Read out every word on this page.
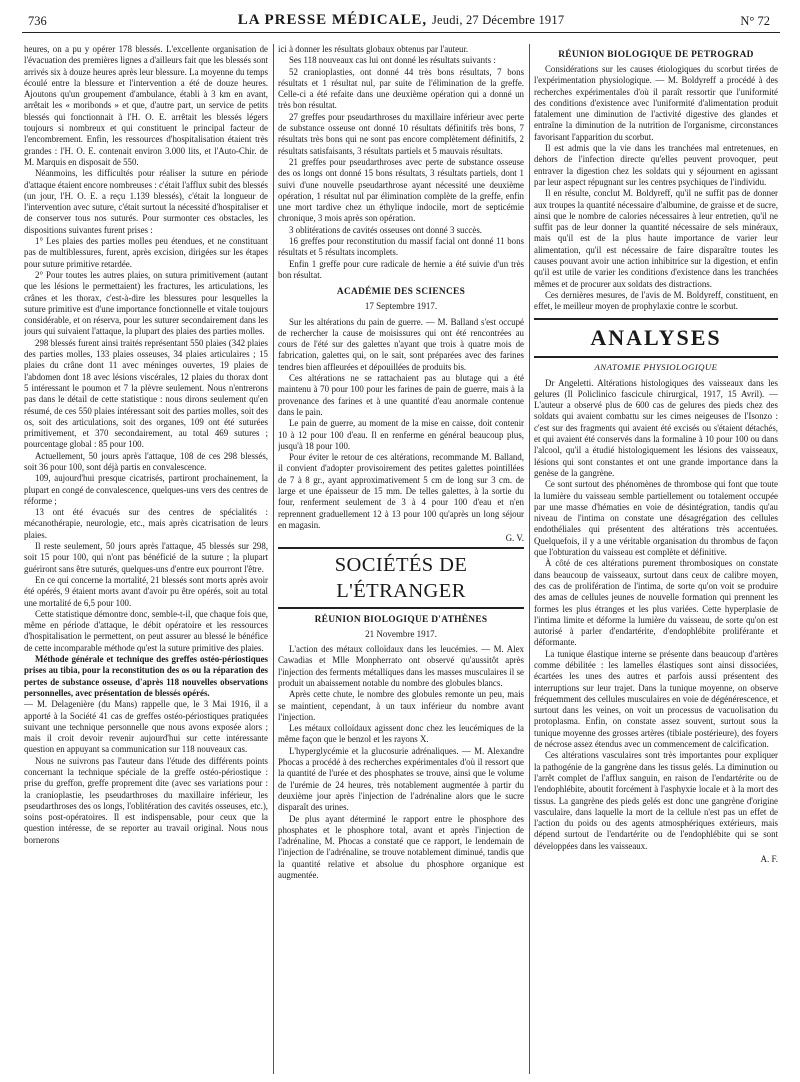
736	LA PRESSE MÉDICALE, Jeudi, 27 Décembre 1917	N° 72

heures, on a pu y opérer 178 blessés. L'excellente organisation de l'évacuation des premières lignes a d'ailleurs fait que les blessés sont arrivés six à douze heures après leur blessure. La moyenne du temps écoulé entre la blessure et l'intervention a été de douze heures. Ajoutons qu'un groupement d'ambulance, établi à 3 km en avant, arrêtait les « moribonds » et que, d'autre part, un service de petits blessés qui fonctionnait à l'H. O. E. arrêtait les blessés légers toujours si nombreux et qui constituent le principal facteur de l'encombrement. Enfin, les ressources d'hospitalisation étaient très grandes : l'H. O. E. contenait environ 3.000 lits, et l'Auto-Chir. de M. Marquis en disposait de 550.

Néanmoins, les difficultés pour réaliser la suture en période d'attaque étaient encore nombreuses : c'était l'afflux subit des blessés (un jour, l'H. O. E. a reçu 1.139 blessés), c'était la longueur de l'intervention avec suture, c'était surtout la nécessité d'hospitaliser et de conserver tous nos suturés. Pour surmonter ces obstacles, les dispositions suivantes furent prises :

1° Les plaies des parties molles peu étendues, et ne constituant pas de multiblessures, furent, après excision, dirigées sur les étapes pour suture primitive retardée.

2° Pour toutes les autres plaies, on sutura primitivement (autant que les lésions le permettaient) les fractures, les articulations, les crânes et les thorax, c'est-à-dire les blessures pour lesquelles la suture primitive est d'une importance fonctionnelle et vitale toujours considérable, et on réserva, pour les suturer secondairement dans les jours qui suivaient l'attaque, la plupart des plaies des parties molles.

298 blessés furent ainsi traités représentant 550 plaies (342 plaies des parties molles, 133 plaies osseuses, 34 plaies articulaires ; 15 plaies du crâne dont 11 avec méninges ouvertes, 19 plaies de l'abdomen dont 18 avec lésions viscérales, 12 plaies du thorax dont 5 intéressant le poumon et 7 la plèvre seulement. Nous n'entrerons pas dans le détail de cette statistique : nous dirons seulement qu'en résumé, de ces 550 plaies intéressant soit des parties molles, soit des os, soit des articulations, soit des organes, 109 ont été suturées primitivement, et 370 secondairement, au total 469 sutures ; pourcentage global : 85 pour 100.

Actuellement, 50 jours après l'attaque, 108 de ces 298 blessés, soit 36 pour 100, sont déjà partis en convalescence.

109, aujourd'hui presque cicatrisés, partiront prochainement, la plupart en congé de convalescence, quelques-uns vers des centres de réforme ;

13 ont été évacués sur des centres de spécialités : mécanothérapie, neurologie, etc., mais après cicatrisation de leurs plaies.

Il reste seulement, 50 jours après l'attaque, 45 blessés sur 298, soit 15 pour 100, qui n'ont pas bénéficié de la suture ; la plupart guériront sans être suturés, quelques-uns d'entre eux pourront l'être.

En ce qui concerne la mortalité, 21 blessés sont morts après avoir été opérés, 9 étaient morts avant d'avoir pu être opérés, soit au total une mortalité de 6,5 pour 100.

Cette statistique démontre donc, semble-t-il, que chaque fois que, même en période d'attaque, le débit opératoire et les ressources d'hospitalisation le permettent, on peut assurer au blessé le bénéfice de cette incomparable méthode qu'est la suture primitive des plaies.

Méthode générale et technique des greffes ostéo-périostiques prises au tibia, pour la reconstitution des os ou la réparation des pertes de substance osseuse, d'après 118 nouvelles observations personnelles, avec présentation de blessés opérés.

— M. Delagenière (du Mans) rappelle que, le 3 Mai 1916, il a apporté à la Société 41 cas de greffes ostéo-périostiques pratiquées suivant une technique personnelle que nous avons exposée alors ; mais il croit devoir revenir aujourd'hui sur cette intéressante question en appuyant sa communication sur 118 nouveaux cas.

Nous ne suivrons pas l'auteur dans l'étude des différents points concernant la technique spéciale de la greffe ostéo-périostique : prise du greffon, greffe proprement dite (avec ses variations pour : la cranioplastie, les pseudarthroses du maxillaire inférieur, les pseudarthroses des os longs, l'oblitération des cavités osseuses, etc.), soins post-opératoires. Il est indispensable, pour ceux que la question intéresse, de se reporter au travail original. Nous nous bornerons

ici à donner les résultats globaux obtenus par l'auteur.

Ses 118 nouveaux cas lui ont donné les résultats suivants :

52 cranioplasties, ont donné 44 très bons résultats, 7 bons résultats et 1 résultat nul, par suite de l'élimination de la greffe. Celle-ci a été refaite dans une deuxième opération qui a donné un très bon résultat.

27 greffes pour pseudarthroses du maxillaire inférieur avec perte de substance osseuse ont donné 10 résultats définitifs très bons, 7 résultats très bons qui ne sont pas encore complètement définitifs, 2 résultats satisfaisants, 3 résultats partiels et 5 mauvais résultats.

21 greffes pour pseudarthroses avec perte de substance osseuse des os longs ont donné 15 bons résultats, 3 résultats partiels, dont 1 suivi d'une nouvelle pseudarthrose ayant nécessité une deuxième opération, 1 résultat nul par élimination complète de la greffe, enfin une mort tardive chez un éthylique indocile, mort de septicémie chronique, 3 mois après son opération.

3 oblitérations de cavités osseuses ont donné 3 succès.

16 greffes pour reconstitution du massif facial ont donné 11 bons résultats et 5 résultats incomplets.

Enfin 1 greffe pour cure radicale de hernie a été suivie d'un très bon résultat.

ACADÉMIE DES SCIENCES
17 Septembre 1917.

Sur les altérations du pain de guerre. — M. Balland s'est occupé de rechercher la cause de moisissures qui ont été rencontrées au cours de l'été sur des galettes n'ayant que trois à quatre mois de fabrication, galettes qui, on le sait, sont préparées avec des farines tendres bien affleurées et dépouillées de produits bis.

Ces altérations ne se rattachaient pas au blutage qui a été maintenu à 70 pour 100 pour les farines de pain de guerre, mais à la provenance des farines et à une quantité d'eau anormale contenue dans le pain.

Le pain de guerre, au moment de la mise en caisse, doit contenir 10 à 12 pour 100 d'eau. Il en renferme en général beaucoup plus, jusqu'à 18 pour 100.

Pour éviter le retour de ces altérations, recommande M. Balland, il convient d'adopter provisoirement des petites galettes pointillées de 7 à 8 gr., ayant approximativement 5 cm de long sur 3 cm. de large et une épaisseur de 15 mm. De telles galettes, à la sortie du four, renferment seulement de 3 à 4 pour 100 d'eau et n'en reprennent graduellement 12 à 13 pour 100 qu'après un long séjour en magasin.

G. V.

SOCIÉTÉS DE L'ÉTRANGER
RÉUNION BIOLOGIQUE D'ATHÈNES
21 Novembre 1917.

L'action des métaux colloïdaux dans les leucémies. — M. Alex Cawadias et Mlle Monpherrato ont observé qu'aussitôt après l'injection des ferments métalliques dans les masses musculaires il se produit un abaissement notable du nombre des globules blancs.

Après cette chute, le nombre des globules remonte un peu, mais se maintient, cependant, à un taux inférieur du nombre avant l'injection.

Les métaux colloïdaux agissent donc chez les leucémiques de la même façon que le benzol et les rayons X.

L'hyperglycémie et la glucosurie adrénaliques. — M. Alexandre Phocas a procédé à des recherches expérimentales d'où il ressort que la quantité de l'urée et des phosphates se trouve, ainsi que le volume de l'urémie de 24 heures, très notablement augmentée à partir du deuxième jour après l'injection de l'adrénaline alors que le sucre disparaît des urines.

De plus ayant déterminé le rapport entre le phosphore des phosphates et le phosphore total, avant et après l'injection de l'adrénaline, M. Phocas a constaté que ce rapport, le lendemain de l'injection de l'adrénaline, se trouve notablement diminué, tandis que la quantité relative et absolue du phosphore organique est augmentée.

RÉUNION BIOLOGIQUE DE PETROGRAD

Considérations sur les causes étiologiques du scorbut tirées de l'expérimentation physiologique. — M. Boldyreff a procédé à des recherches expérimentales d'où il paraît ressortir que l'uniformité des conditions d'existence avec l'uniformité d'alimentation produit fatalement une diminution de l'activité digestive des glandes et entraîne la diminution de la nutrition de l'organisme, circonstances favorisant l'apparition du scorbut.

Il est admis que la vie dans les tranchées mal entretenues, en dehors de l'infection directe qu'elles peuvent provoquer, peut entraver la digestion chez les soldats qui y séjournent en agissant par leur aspect répugnant sur les centres psychiques de l'individu.

Il en résulte, conclut M. Boldyreff, qu'il ne suffit pas de donner aux troupes la quantité nécessaire d'albumine, de graisse et de sucre, ainsi que le nombre de calories nécessaires à leur entretien, qu'il ne suffit pas de leur donner la quantité nécessaire de sels minéraux, mais qu'il est de la plus haute importance de varier leur alimentation, qu'il est nécessaire de faire disparaître toutes les causes pouvant avoir une action inhibitrice sur la digestion, et enfin qu'il est utile de varier les conditions d'existence dans les tranchées mêmes et de procurer aux soldats des distractions.

Ces dernières mesures, de l'avis de M. Boldyreff, constituent, en effet, le meilleur moyen de prophylaxie contre le scorbut.

ANALYSES
ANATOMIE PHYSIOLOGIQUE

Dr Angeletti. Altérations histologiques des vaisseaux dans les gelures (Il Policlinico fascicule chirurgical, 1917, 15 Avril). — L'auteur a observé plus de 600 cas de gelures des pieds chez des soldats qui avaient combattu sur les cimes neigeuses de l'Isonzo : c'est sur des fragments qui avaient été excisés ou s'étaient détachés, et qui avaient été conservés dans la formaline à 10 pour 100 ou dans l'alcool, qu'il a étudié histologiquement les lésions des vaisseaux, lésions qui sont constantes et ont une grande importance dans la genèse de la gangrène.

Ce sont surtout des phénomènes de thrombose qui font que toute la lumière du vaisseau semble partiellement ou totalement occupée par une masse d'hématies en voie de désintégration, tandis qu'au niveau de l'intima on constate une désagrégation des cellules endothéliales qui présentent des altérations très accentuées. Quelquefois, il y a une véritable organisation du thrombus de façon que l'obturation du vaisseau est complète et définitive.

À côté de ces altérations purement thrombosiques on constate dans beaucoup de vaisseaux, surtout dans ceux de calibre moyen, des cas de prolifération de l'intima, de sorte qu'on voit se produire des amas de cellules jeunes de nouvelle formation qui prennent les formes les plus étranges et les plus variées. Cette hyperplasie de l'intima limite et déforme la lumière du vaisseau, de sorte qu'on est autorisé à parler d'endartérite, d'endophlébite proliférante et déformante.

La tunique élastique interne se présente dans beaucoup d'artères comme débilitée : les lamelles élastiques sont ainsi dissociées, écartées les unes des autres et parfois aussi présentent des interruptions sur leur trajet. Dans la tunique moyenne, on observe fréquemment des cellules musculaires en voie de dégénérescence, et surtout dans les veines, on voit un processus de vacuolisation du protoplasma. Enfin, on constate assez souvent, surtout sous la tunique moyenne des grosses artères (tibiale postérieure), des foyers de nécrose assez étendus avec un commencement de calcification.

Ces altérations vasculaires sont très importantes pour expliquer la pathogénie de la gangrène dans les tissus gelés. La diminution ou l'arrêt complet de l'afflux sanguin, en raison de l'endartérite ou de l'endophlébite, aboutit forcément à l'asphyxie locale et à la mort des tissus. La gangrène des pieds gelés est donc une gangrène d'origine vasculaire, dans laquelle la mort de la cellule n'est pas un effet de l'action du poids ou des agents atmosphériques extérieurs, mais dépend surtout de l'endartérite ou de l'endophlébite qui se sont développées dans les vaisseaux.

A. F.
